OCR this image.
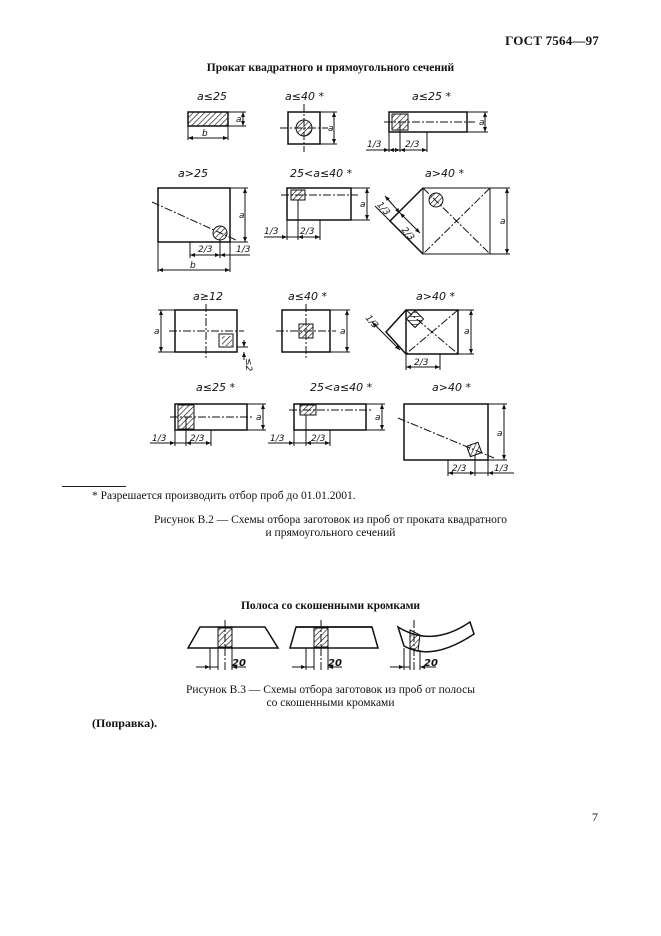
ГОСТ 7564—97
Прокат квадратного и прямоугольного сечений
a≤25	a≤40 *	a≤25 *
a>25	25<a≤40 *	a>40 *
a≥12	a≤40 *	a>40 *
a≤25 *	25<a≤40 *	a>40 *
b
a
a
a
1/3	2/3
a
2/3	1/3
b
a
1/3 2/3
a
1/3
2/3
a
≤2
a	a
1/3
2/3
a
1/3	2/3
a
1/3	2/3	a
2/3	1/3
20	20	20
* Разрешается производить отбор проб до 01.01.2001.
Рисунок В.2 — Схемы отбора заготовок из проб от проката квадратного
и прямоугольного сечений
Полоса со скошенными кромками
Рисунок В.3 — Схемы отбора заготовок из проб от полосы
со скошенными кромками
(Поправка).
7
